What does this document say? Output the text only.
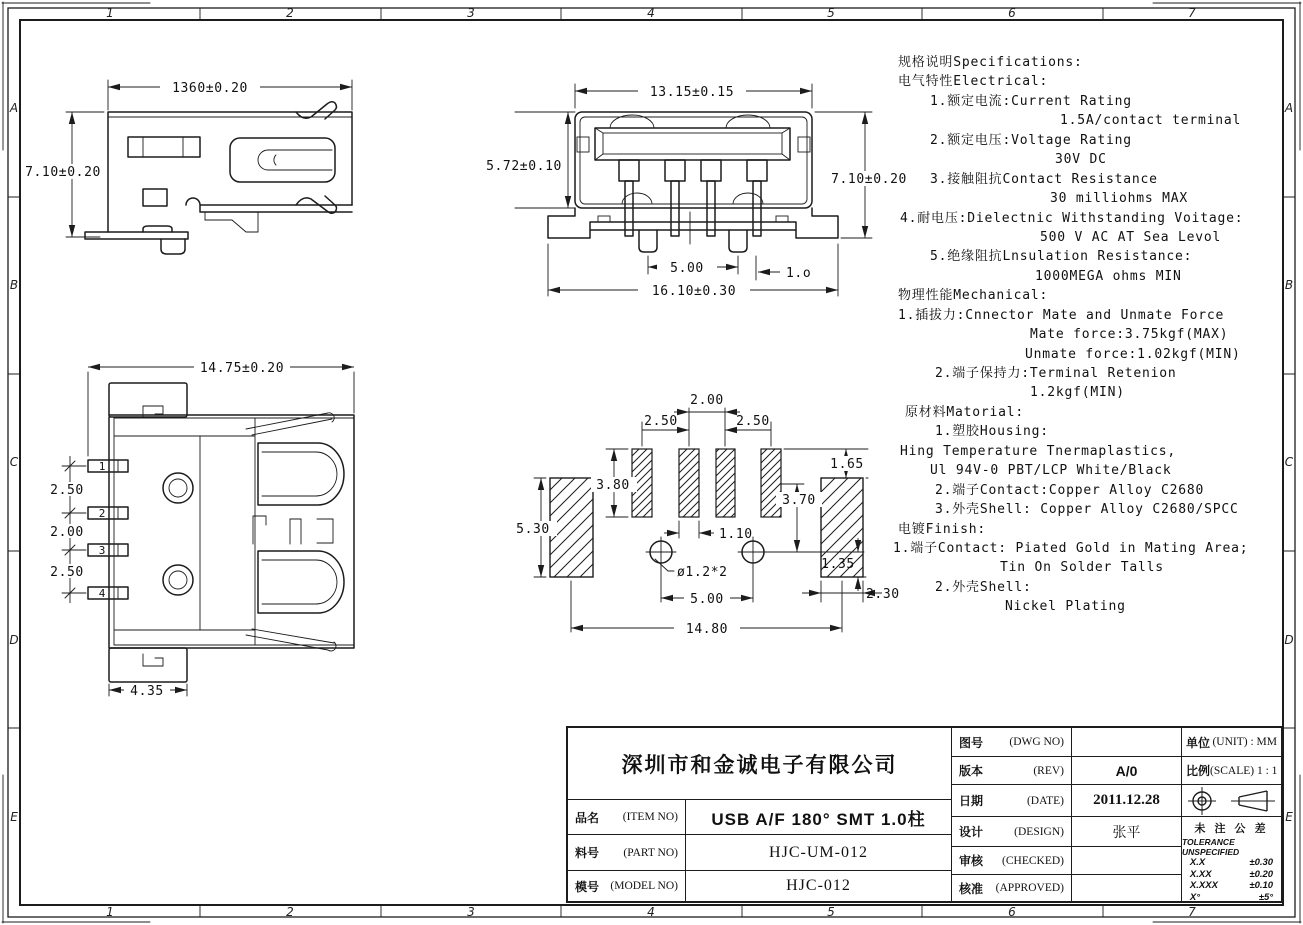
1	2	3	4	5	6	7
1	2	3	4	5	6	7
A
B
C
D
E
A
B
C
D
E
1360±0.20
7.10±0.20
13.15±0.15
5.72±0.10
7.10±0.20
5.00	1.o
16.10±0.30
14.75±0.20
1
2
3
4
2.50
2.00
2.50
4.35
2.00
2.50	2.50
3.80
5.30	1.10
1.65
3.70
1.35
ø1.2*2
5.00
14.80
2.30
规格说明Specifications:
电气特性Electrical:
1.额定电流:Current Rating
1.5A/contact terminal
2.额定电压:Voltage Rating
30V DC
3.接触阻抗Contact Resistance
30 milliohms MAX
4.耐电压:Dielectnic Withstanding Voitage:
500 V AC AT Sea Levol
5.绝缘阻抗Lnsulation Resistance:
1000MEGA ohms MIN
物理性能Mechanical:
1.插拔力:Cnnector Mate and Unmate Force
Mate force:3.75kgf(MAX)
Unmate force:1.02kgf(MIN)
2.端子保持力:Terminal Retenion
1.2kgf(MIN)
原材料Matorial:
1.塑胶Housing:
Hing Temperature Tnermaplastics,
Ul 94V-0 PBT/LCP White/Black
2.端子Contact:Copper Alloy C2680
3.外壳Shell: Copper Alloy C2680/SPCC
电镀Finish:
1.端子Contact: Piated Gold in Mating Area;
Tin On Solder Talls
2.外壳Shell:
Nickel Plating
深圳市和金诚电子有限公司
品名 (ITEM NO)	USB A/F 180° SMT 1.0柱
料号 (PART NO)	HJC-UM-012
模号 (MODEL NO)	HJC-012
图号 (DWG NO)
版本	(REV)	A/0
日期	(DATE)	2011.12.28
设计	(DESIGN)	张平
审核 (CHECKED)
核准 (APPROVED)
单位 (UNIT) : MM
比例 (SCALE) 1 : 1
未 注 公 差
TOLERANCE UNSPECIFIED
X.X	±0.30
X.XX	±0.20
X.XXX	±0.10
X°	±5°
